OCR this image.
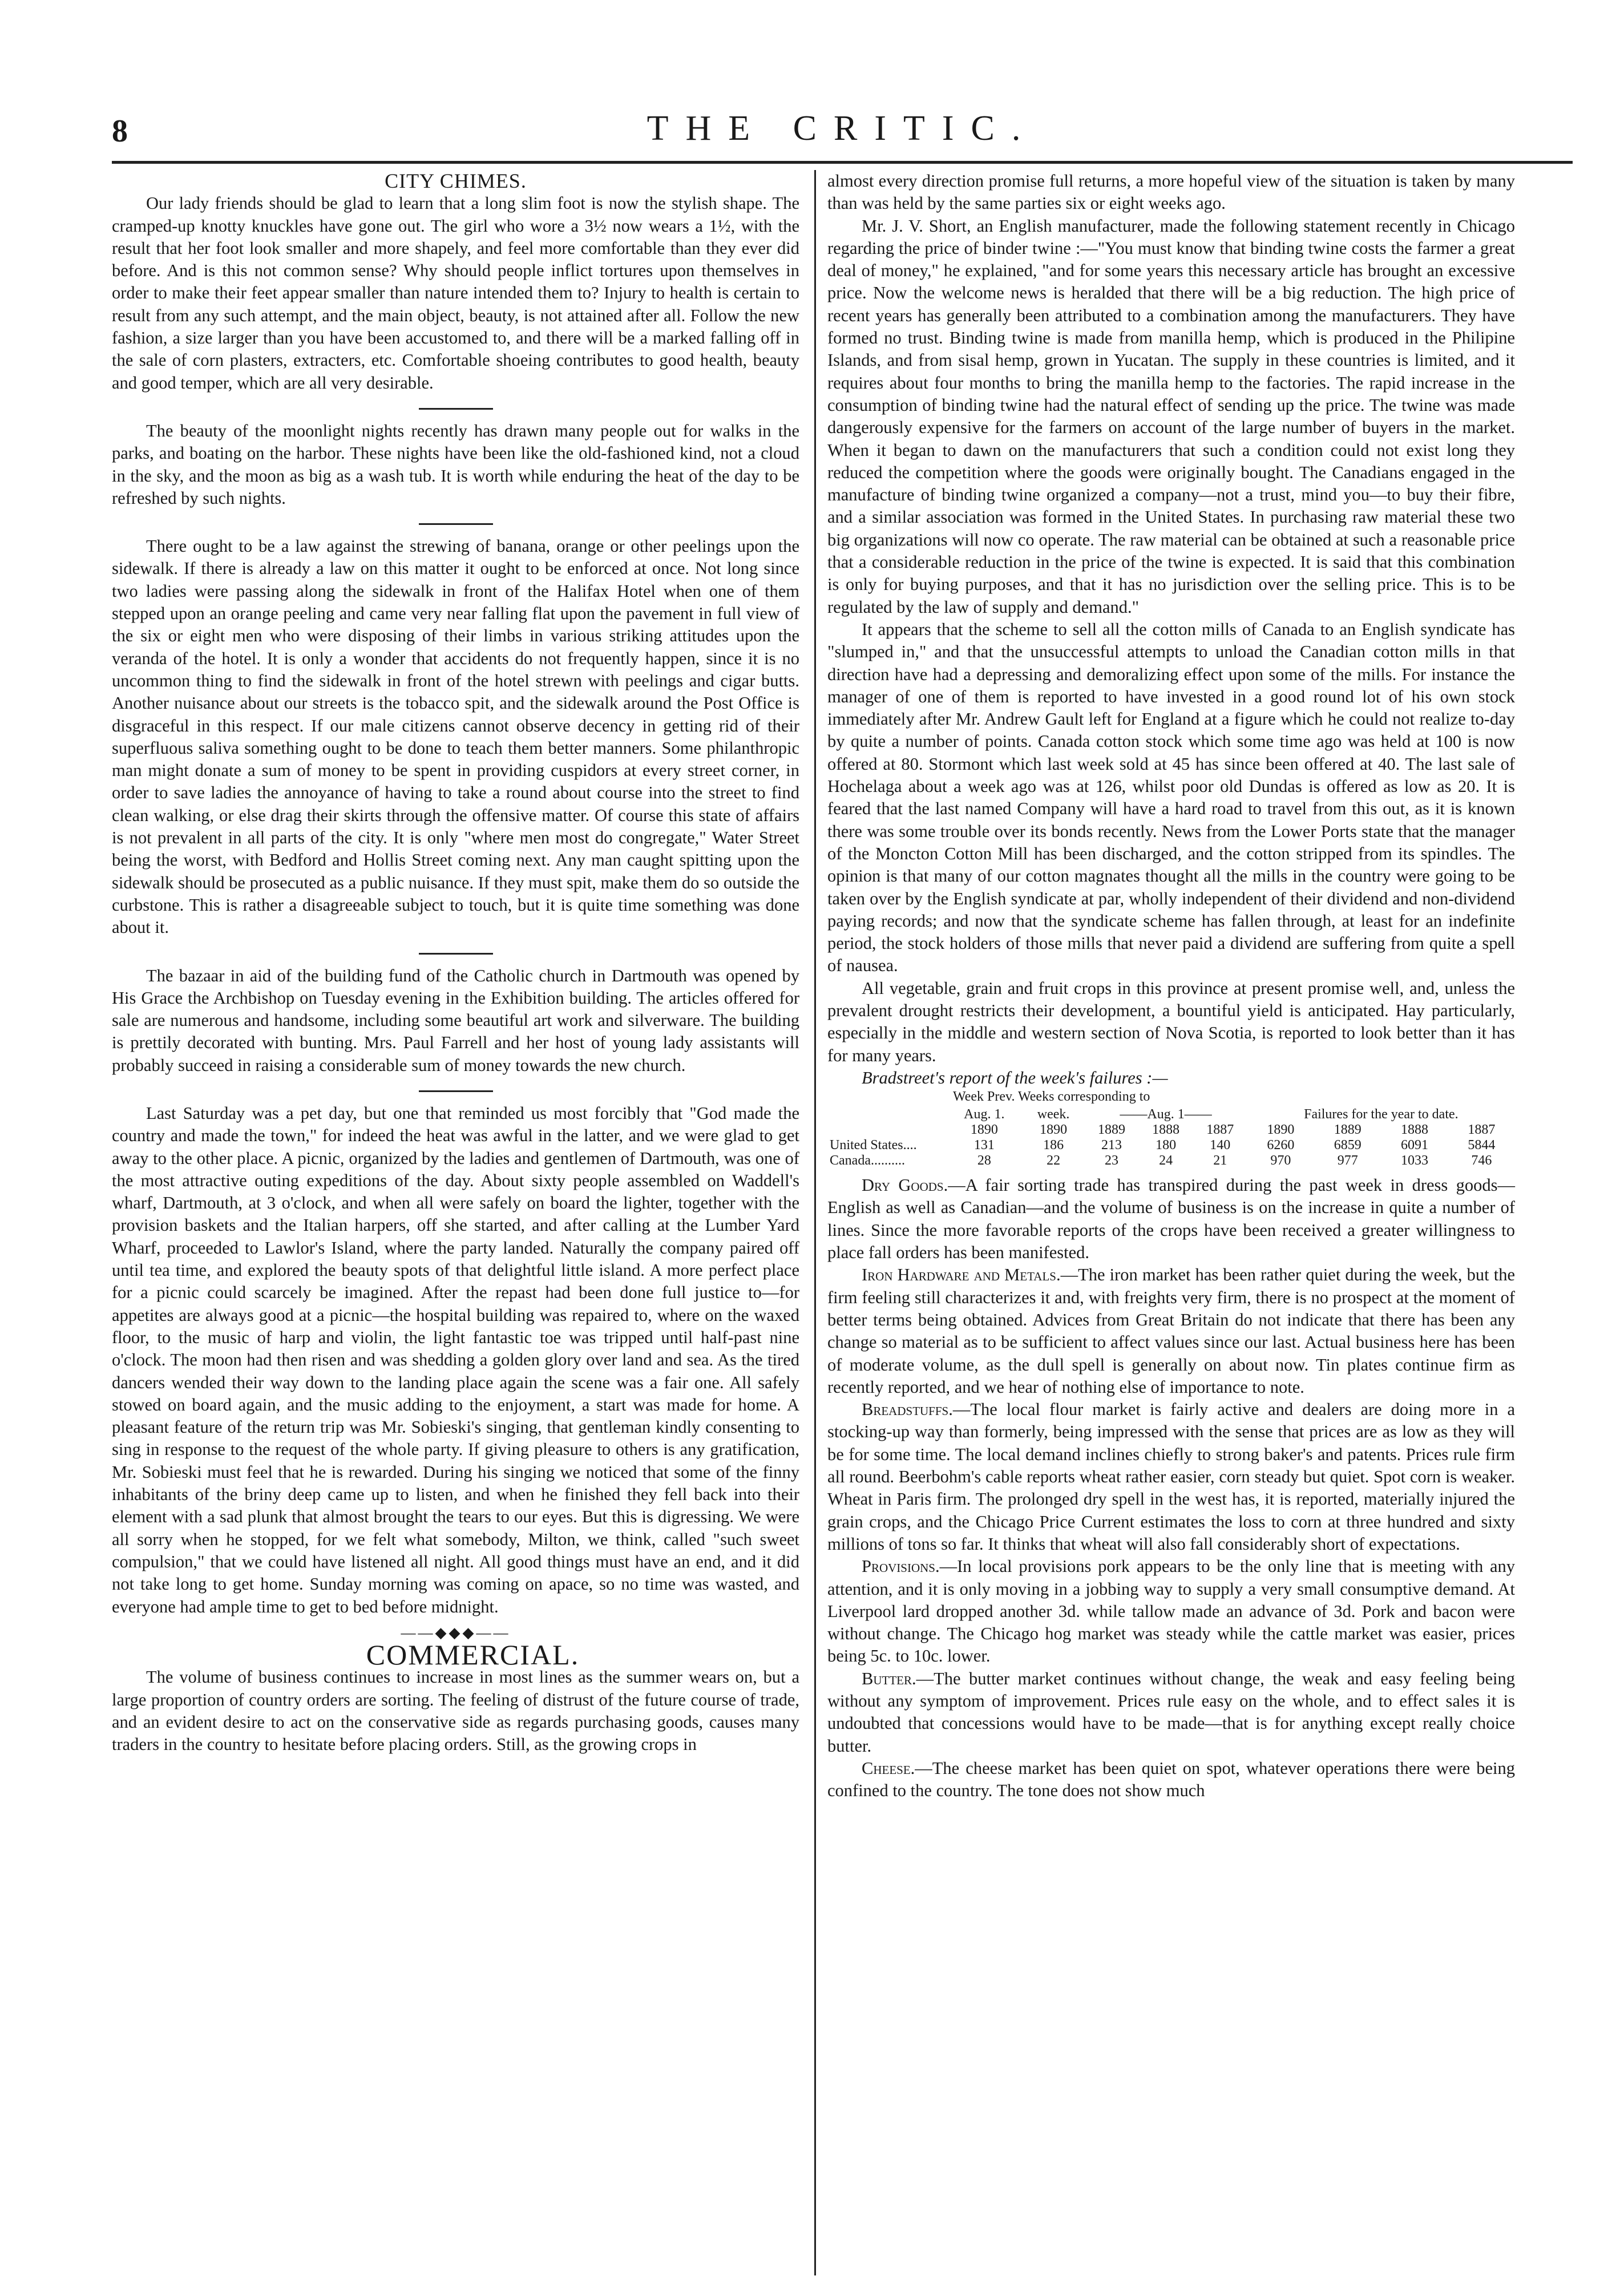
8	THE CRITIC.

CITY CHIMES.

Our lady friends should be glad to learn that a long slim foot is now the stylish shape. The cramped-up knotty knuckles have gone out. The girl who wore a 3½ now wears a 1½, with the result that her foot look smaller and more shapely, and feel more comfortable than they ever did before. And is this not common sense? Why should people inflict tortures upon themselves in order to make their feet appear smaller than nature intended them to? Injury to health is certain to result from any such attempt, and the main object, beauty, is not attained after all. Follow the new fashion, a size larger than you have been accustomed to, and there will be a marked falling off in the sale of corn plasters, extracters, etc. Comfortable shoeing contributes to good health, beauty and good temper, which are all very desirable.

The beauty of the moonlight nights recently has drawn many people out for walks in the parks, and boating on the harbor. These nights have been like the old-fashioned kind, not a cloud in the sky, and the moon as big as a wash tub. It is worth while enduring the heat of the day to be refreshed by such nights.

There ought to be a law against the strewing of banana, orange or other peelings upon the sidewalk. If there is already a law on this matter it ought to be enforced at once. Not long since two ladies were passing along the sidewalk in front of the Halifax Hotel when one of them stepped upon an orange peeling and came very near falling flat upon the pavement in full view of the six or eight men who were disposing of their limbs in various striking attitudes upon the veranda of the hotel. It is only a wonder that accidents do not frequently happen, since it is no uncommon thing to find the sidewalk in front of the hotel strewn with peelings and cigar butts. Another nuisance about our streets is the tobacco spit, and the sidewalk around the Post Office is disgraceful in this respect. If our male citizens cannot observe decency in getting rid of their superfluous saliva something ought to be done to teach them better manners. Some philanthropic man might donate a sum of money to be spent in providing cuspidors at every street corner, in order to save ladies the annoyance of having to take a round about course into the street to find clean walking, or else drag their skirts through the offensive matter. Of course this state of affairs is not prevalent in all parts of the city. It is only "where men most do congregate," Water Street being the worst, with Bedford and Hollis Street coming next. Any man caught spitting upon the sidewalk should be prosecuted as a public nuisance. If they must spit, make them do so outside the curbstone. This is rather a disagreeable subject to touch, but it is quite time something was done about it.

The bazaar in aid of the building fund of the Catholic church in Dartmouth was opened by His Grace the Archbishop on Tuesday evening in the Exhibition building. The articles offered for sale are numerous and handsome, including some beautiful art work and silverware. The building is prettily decorated with bunting. Mrs. Paul Farrell and her host of young lady assistants will probably succeed in raising a considerable sum of money towards the new church.

Last Saturday was a pet day, but one that reminded us most forcibly that "God made the country and made the town," for indeed the heat was awful in the latter, and we were glad to get away to the other place. A picnic, organized by the ladies and gentlemen of Dartmouth, was one of the most attractive outing expeditions of the day. About sixty people assembled on Waddell's wharf, Dartmouth, at 3 o'clock, and when all were safely on board the lighter, together with the provision baskets and the Italian harpers, off she started, and after calling at the Lumber Yard Wharf, proceeded to Lawlor's Island, where the party landed. Naturally the company paired off until tea time, and explored the beauty spots of that delightful little island. A more perfect place for a picnic could scarcely be imagined. After the repast had been done full justice to—for appetites are always good at a picnic—the hospital building was repaired to, where on the waxed floor, to the music of harp and violin, the light fantastic toe was tripped until half-past nine o'clock. The moon had then risen and was shedding a golden glory over land and sea. As the tired dancers wended their way down to the landing place again the scene was a fair one. All safely stowed on board again, and the music adding to the enjoyment, a start was made for home. A pleasant feature of the return trip was Mr. Sobieski's singing, that gentleman kindly consenting to sing in response to the request of the whole party. If giving pleasure to others is any gratification, Mr. Sobieski must feel that he is rewarded. During his singing we noticed that some of the finny inhabitants of the briny deep came up to listen, and when he finished they fell back into their element with a sad plunk that almost brought the tears to our eyes. But this is digressing. We were all sorry when he stopped, for we felt what somebody, Milton, we think, called "such sweet compulsion," that we could have listened all night. All good things must have an end, and it did not take long to get home. Sunday morning was coming on apace, so no time was wasted, and everyone had ample time to get to bed before midnight.

——◆◆◆——

COMMERCIAL.

The volume of business continues to increase in most lines as the summer wears on, but a large proportion of country orders are sorting. The feeling of distrust of the future course of trade, and an evident desire to act on the conservative side as regards purchasing goods, causes many traders in the country to hesitate before placing orders. Still, as the growing crops in

almost every direction promise full returns, a more hopeful view of the situation is taken by many than was held by the same parties six or eight weeks ago.

Mr. J. V. Short, an English manufacturer, made the following statement recently in Chicago regarding the price of binder twine :—"You must know that binding twine costs the farmer a great deal of money," he explained, "and for some years this necessary article has brought an excessive price. Now the welcome news is heralded that there will be a big reduction. The high price of recent years has generally been attributed to a combination among the manufacturers. They have formed no trust. Binding twine is made from manilla hemp, which is produced in the Philipine Islands, and from sisal hemp, grown in Yucatan. The supply in these countries is limited, and it requires about four months to bring the manilla hemp to the factories. The rapid increase in the consumption of binding twine had the natural effect of sending up the price. The twine was made dangerously expensive for the farmers on account of the large number of buyers in the market. When it began to dawn on the manufacturers that such a condition could not exist long they reduced the competition where the goods were originally bought. The Canadians engaged in the manufacture of binding twine organized a company—not a trust, mind you—to buy their fibre, and a similar association was formed in the United States. In purchasing raw material these two big organizations will now co operate. The raw material can be obtained at such a reasonable price that a considerable reduction in the price of the twine is expected. It is said that this combination is only for buying purposes, and that it has no jurisdiction over the selling price. This is to be regulated by the law of supply and demand."

It appears that the scheme to sell all the cotton mills of Canada to an English syndicate has "slumped in," and that the unsuccessful attempts to unload the Canadian cotton mills in that direction have had a depressing and demoralizing effect upon some of the mills. For instance the manager of one of them is reported to have invested in a good round lot of his own stock immediately after Mr. Andrew Gault left for England at a figure which he could not realize to-day by quite a number of points. Canada cotton stock which some time ago was held at 100 is now offered at 80. Stormont which last week sold at 45 has since been offered at 40. The last sale of Hochelaga about a week ago was at 126, whilst poor old Dundas is offered as low as 20. It is feared that the last named Company will have a hard road to travel from this out, as it is known there was some trouble over its bonds recently. News from the Lower Ports state that the manager of the Moncton Cotton Mill has been discharged, and the cotton stripped from its spindles. The opinion is that many of our cotton magnates thought all the mills in the country were going to be taken over by the English syndicate at par, wholly independent of their dividend and non-dividend paying records; and now that the syndicate scheme has fallen through, at least for an indefinite period, the stock holders of those mills that never paid a dividend are suffering from quite a spell of nausea.

All vegetable, grain and fruit crops in this province at present promise well, and, unless the prevalent drought restricts their development, a bountiful yield is anticipated. Hay particularly, especially in the middle and western section of Nova Scotia, is reported to look better than it has for many years.

Bradstreet's report of the week's failures :—

Week Prev. Weeks corresponding to
	Aug. 1.	week.	——Aug. 1——			Failures for the year to date.			
	1890	1890	1889	1888	1887	1890	1889	1888	1887
United States....	131	186	213	180	140	6260	6859	6091	5844
Canada..........	28	22	23	24	21	970	977	1033	746

Dry Goods.—A fair sorting trade has transpired during the past week in dress goods—English as well as Canadian—and the volume of business is on the increase in quite a number of lines. Since the more favorable reports of the crops have been received a greater willingness to place fall orders has been manifested.

Iron Hardware and Metals.—The iron market has been rather quiet during the week, but the firm feeling still characterizes it and, with freights very firm, there is no prospect at the moment of better terms being obtained. Advices from Great Britain do not indicate that there has been any change so material as to be sufficient to affect values since our last. Actual business here has been of moderate volume, as the dull spell is generally on about now. Tin plates continue firm as recently reported, and we hear of nothing else of importance to note.

Breadstuffs.—The local flour market is fairly active and dealers are doing more in a stocking-up way than formerly, being impressed with the sense that prices are as low as they will be for some time. The local demand inclines chiefly to strong baker's and patents. Prices rule firm all round. Beerbohm's cable reports wheat rather easier, corn steady but quiet. Spot corn is weaker. Wheat in Paris firm. The prolonged dry spell in the west has, it is reported, materially injured the grain crops, and the Chicago Price Current estimates the loss to corn at three hundred and sixty millions of tons so far. It thinks that wheat will also fall considerably short of expectations.

Provisions.—In local provisions pork appears to be the only line that is meeting with any attention, and it is only moving in a jobbing way to supply a very small consumptive demand. At Liverpool lard dropped another 3d. while tallow made an advance of 3d. Pork and bacon were without change. The Chicago hog market was steady while the cattle market was easier, prices being 5c. to 10c. lower.

Butter.—The butter market continues without change, the weak and easy feeling being without any symptom of improvement. Prices rule easy on the whole, and to effect sales it is undoubted that concessions would have to be made—that is for anything except really choice butter.

Cheese.—The cheese market has been quiet on spot, whatever operations there were being confined to the country. The tone does not show much
